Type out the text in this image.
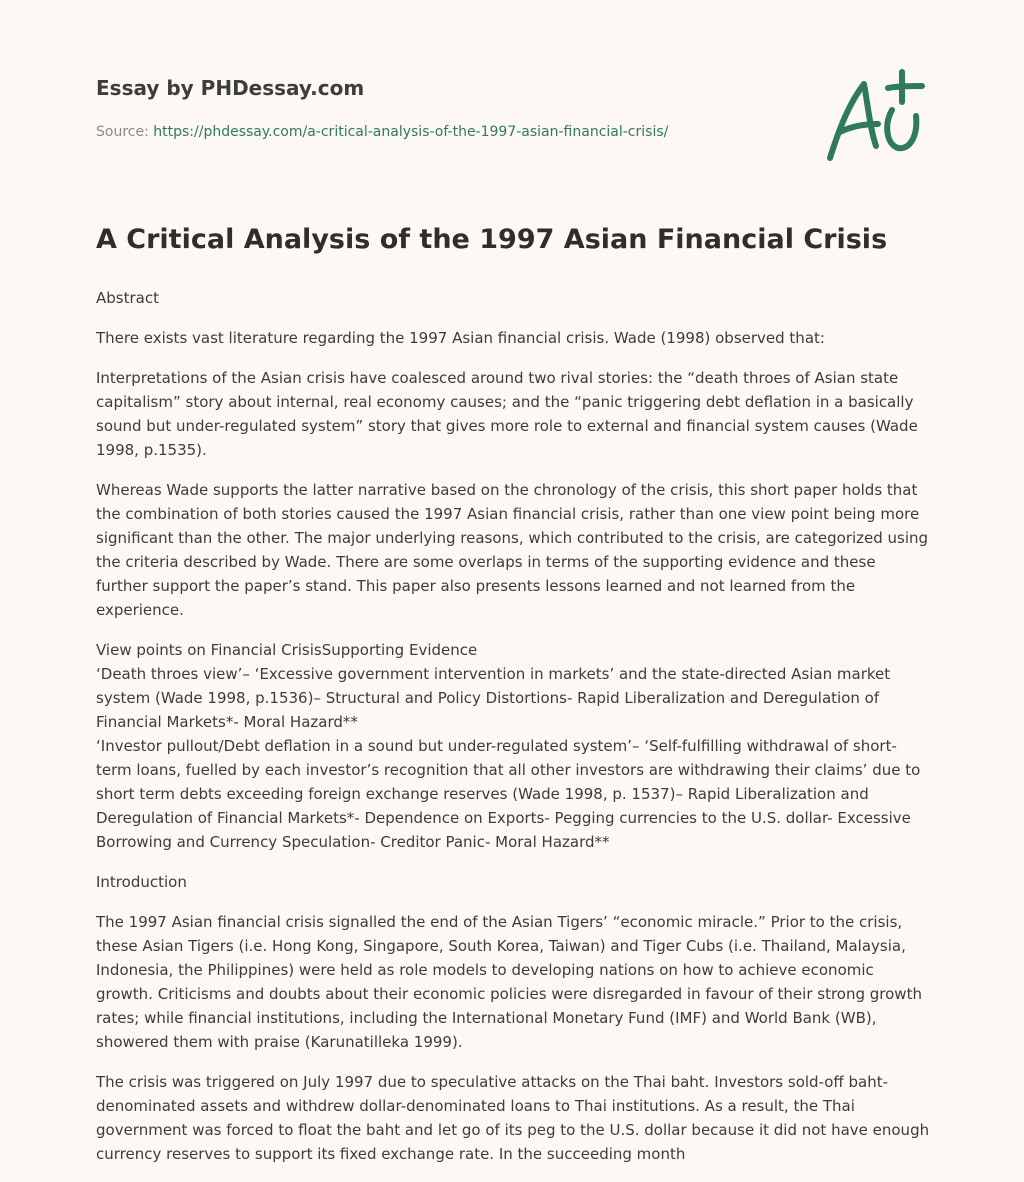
Essay by PHDessay.com
Source: https://phdessay.com/a-critical-analysis-of-the-1997-asian-financial-crisis/
A Critical Analysis of the 1997 Asian Financial Crisis

Abstract

There exists vast literature regarding the 1997 Asian financial crisis. Wade (1998) observed that:

Interpretations of the Asian crisis have coalesced around two rival stories: the “death throes of Asian state capitalism” story about internal, real economy causes; and the “panic triggering debt deflation in a basically sound but under-regulated system” story that gives more role to external and financial system causes (Wade 1998, p.1535).

Whereas Wade supports the latter narrative based on the chronology of the crisis, this short paper holds that the combination of both stories caused the 1997 Asian financial crisis, rather than one view point being more significant than the other. The major underlying reasons, which contributed to the crisis, are categorized using the criteria described by Wade. There are some overlaps in terms of the supporting evidence and these further support the paper’s stand. This paper also presents lessons learned and not learned from the experience.

View points on Financial CrisisSupporting Evidence
‘Death throes view’– ‘Excessive government intervention in markets’ and the state-directed Asian market system (Wade 1998, p.1536)– Structural and Policy Distortions- Rapid Liberalization and Deregulation of Financial Markets*- Moral Hazard**
‘Investor pullout/Debt deflation in a sound but under-regulated system’– ‘Self-fulfilling withdrawal of short-term loans, fuelled by each investor’s recognition that all other investors are withdrawing their claims’ due to short term debts exceeding foreign exchange reserves (Wade 1998, p. 1537)– Rapid Liberalization and Deregulation of Financial Markets*- Dependence on Exports- Pegging currencies to the U.S. dollar- Excessive Borrowing and Currency Speculation- Creditor Panic- Moral Hazard**

Introduction

The 1997 Asian financial crisis signalled the end of the Asian Tigers’ “economic miracle.” Prior to the crisis, these Asian Tigers (i.e. Hong Kong, Singapore, South Korea, Taiwan) and Tiger Cubs (i.e. Thailand, Malaysia, Indonesia, the Philippines) were held as role models to developing nations on how to achieve economic growth. Criticisms and doubts about their economic policies were disregarded in favour of their strong growth rates; while financial institutions, including the International Monetary Fund (IMF) and World Bank (WB), showered them with praise (Karunatilleka 1999).

The crisis was triggered on July 1997 due to speculative attacks on the Thai baht. Investors sold-off baht-denominated assets and withdrew dollar-denominated loans to Thai institutions. As a result, the Thai government was forced to float the baht and let go of its peg to the U.S. dollar because it did not have enough currency reserves to support its fixed exchange rate. In the succeeding month
